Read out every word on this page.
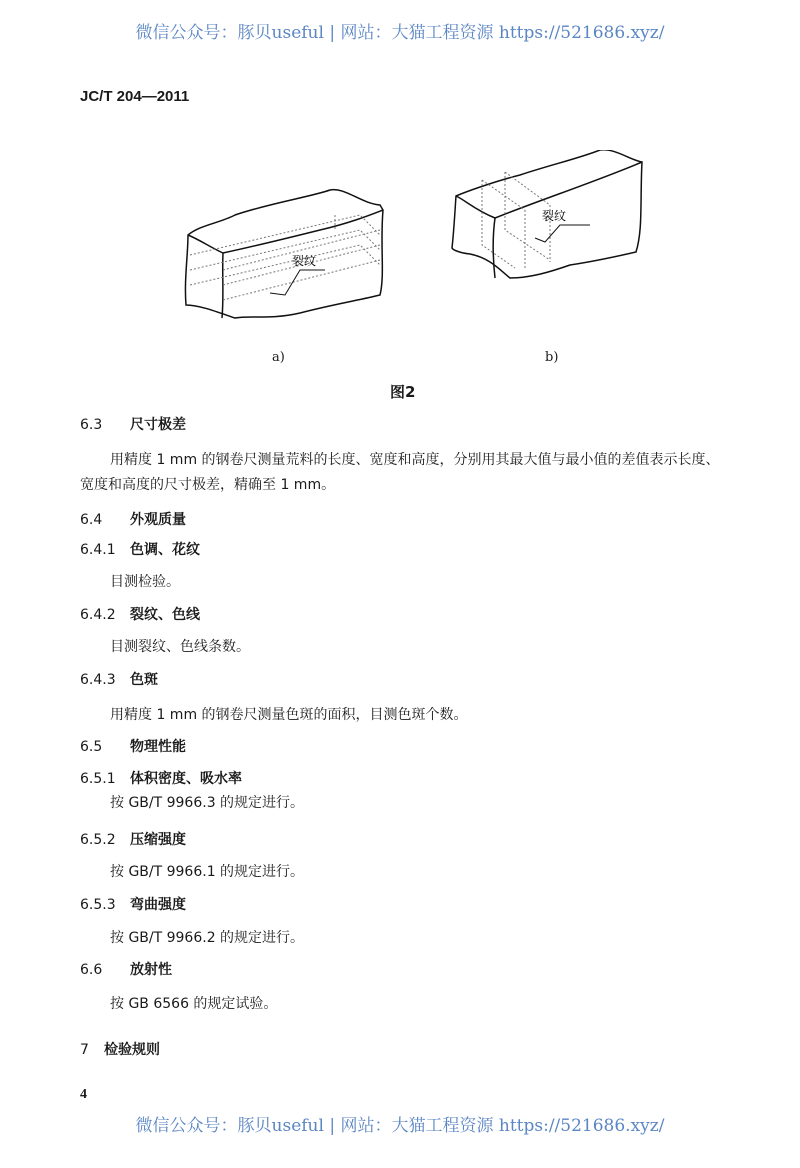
微信公众号：豚贝useful | 网站：大猫工程资源 https://521686.xyz/
JC/T 204—2011
裂纹
裂纹
a)	b)
图2
6.3 尺寸极差
用精度 1 mm 的钢卷尺测量荒料的长度、宽度和高度，分别用其最大值与最小值的差值表示长度、
宽度和高度的尺寸极差，精确至 1 mm。
6.4 外观质量
6.4.1 色调、花纹
目测检验。
6.4.2 裂纹、色线
目测裂纹、色线条数。
6.4.3 色斑
用精度 1 mm 的钢卷尺测量色斑的面积，目测色斑个数。
6.5 物理性能
6.5.1 体积密度、吸水率
按 GB/T 9966.3 的规定进行。
6.5.2 压缩强度
按 GB/T 9966.1 的规定进行。
6.5.3 弯曲强度
按 GB/T 9966.2 的规定进行。
6.6 放射性
按 GB 6566 的规定试验。
7 检验规则
4
微信公众号：豚贝useful | 网站：大猫工程资源 https://521686.xyz/
